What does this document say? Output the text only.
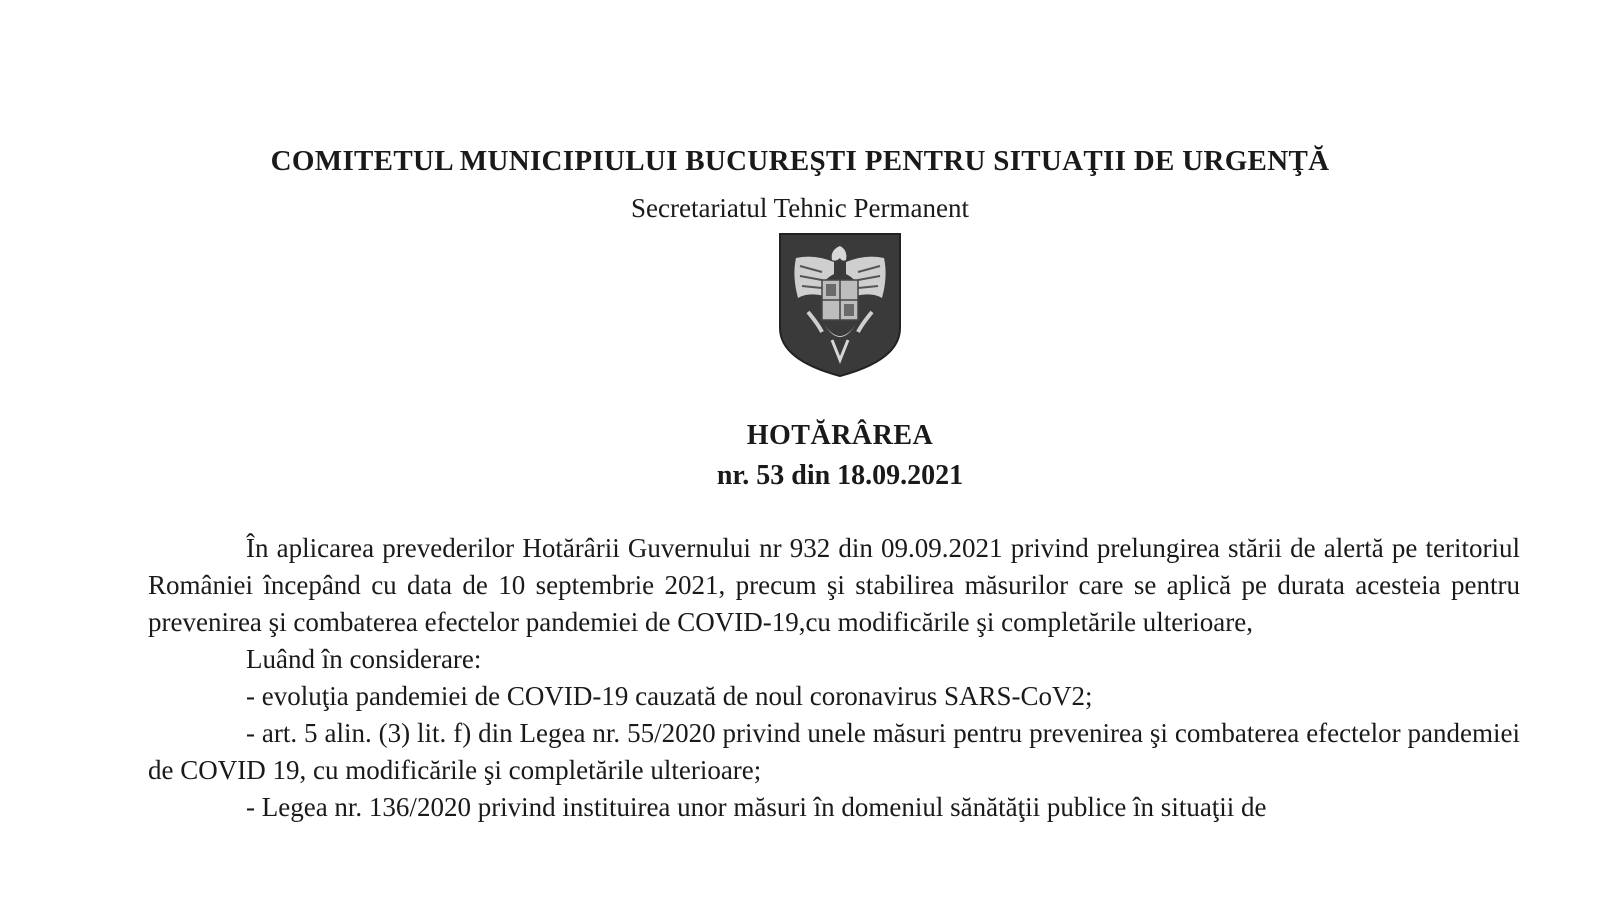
COMITETUL MUNICIPIULUI BUCUREŞTI PENTRU SITUAŢII DE URGENŢĂ
Secretariatul Tehnic Permanent
HOTĂRÂREA
nr. 53 din 18.09.2021

În aplicarea prevederilor Hotărârii Guvernului nr 932 din 09.09.2021 privind prelungirea stării de alertă pe teritoriul României începând cu data de 10 septembrie 2021, precum şi stabilirea măsurilor care se aplică pe durata acesteia pentru prevenirea şi combaterea efectelor pandemiei de COVID-19,cu modificările şi completările ulterioare,

Luând în considerare:

- evoluţia pandemiei de COVID-19 cauzată de noul coronavirus SARS-CoV2;

- art. 5 alin. (3) lit. f) din Legea nr. 55/2020 privind unele măsuri pentru prevenirea şi combaterea efectelor pandemiei de COVID 19, cu modificările şi completările ulterioare;

- Legea nr. 136/2020 privind instituirea unor măsuri în domeniul sănătăţii publice în situaţii de
